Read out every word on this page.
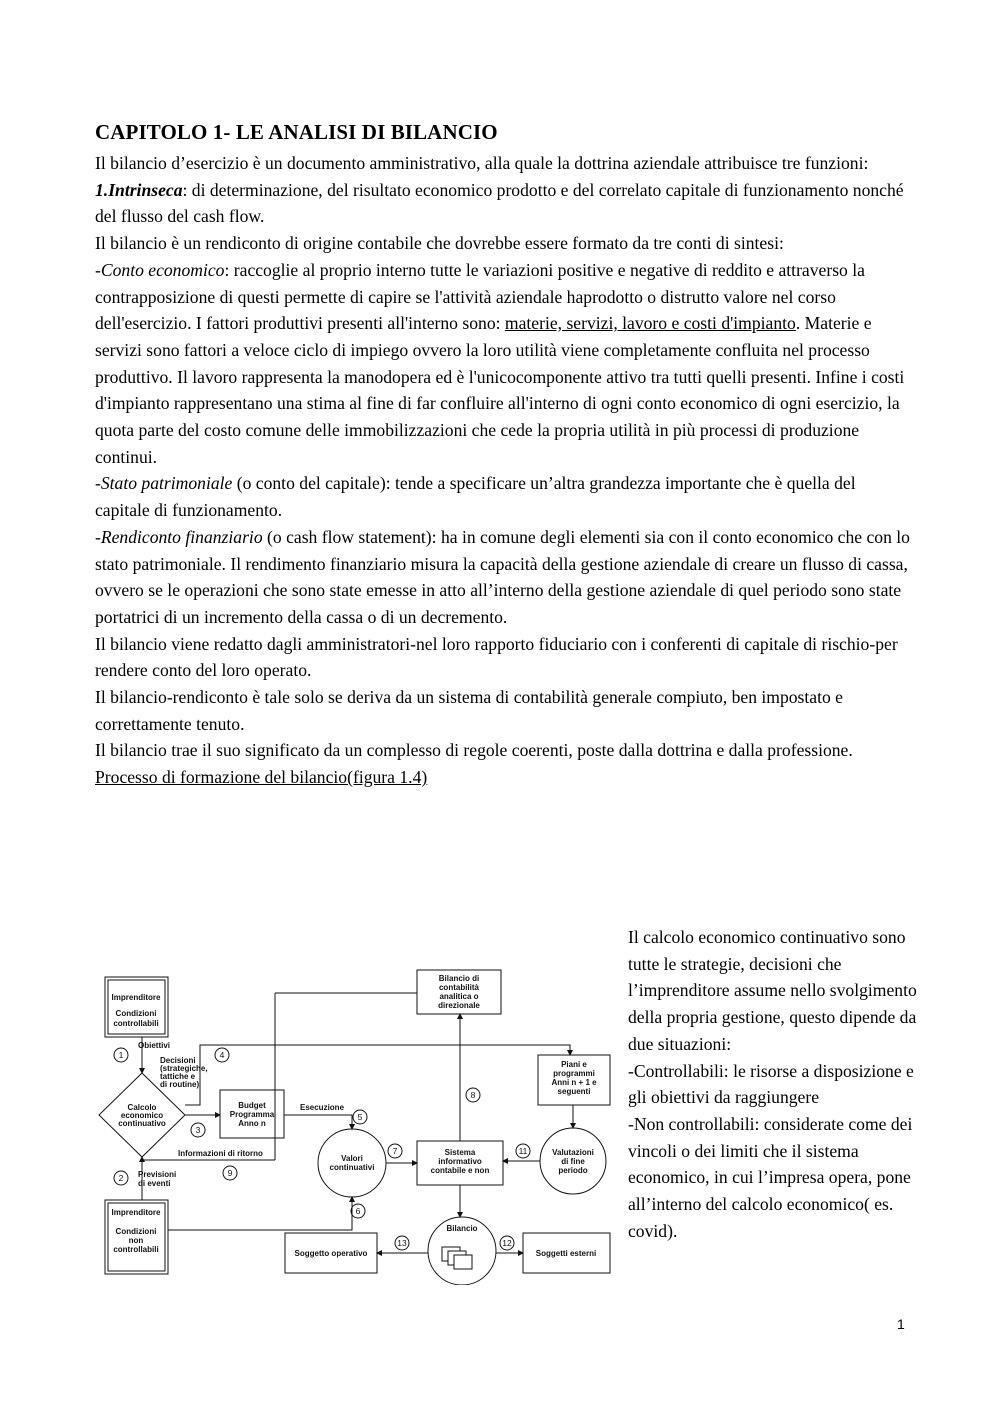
CAPITOLO 1- LE ANALISI DI BILANCIO

Il bilancio d’esercizio è un documento amministrativo, alla quale la dottrina aziendale attribuisce tre funzioni:

1.Intrinseca: di determinazione, del risultato economico prodotto e del correlato capitale di funzionamento nonché del flusso del cash flow.

Il bilancio è un rendiconto di origine contabile che dovrebbe essere formato da tre conti di sintesi:

-Conto economico: raccoglie al proprio interno tutte le variazioni positive e negative di reddito e attraverso la contrapposizione di questi permette di capire se l'attività aziendale haprodotto o distrutto valore nel corso dell'esercizio. I fattori produttivi presenti all'interno sono: materie, servizi, lavoro e costi d'impianto. Materie e servizi sono fattori a veloce ciclo di impiego ovvero la loro utilità viene completamente confluita nel processo produttivo. Il lavoro rappresenta la manodopera ed è l'unicocomponente attivo tra tutti quelli presenti. Infine i costi d'impianto rappresentano una stima al fine di far confluire all'interno di ogni conto economico di ogni esercizio, la quota parte del costo comune delle immobilizzazioni che cede la propria utilità in più processi di produzione continui.

-Stato patrimoniale (o conto del capitale): tende a specificare un’altra grandezza importante che è quella del capitale di funzionamento.

-Rendiconto finanziario (o cash flow statement): ha in comune degli elementi sia con il conto economico che con lo stato patrimoniale. Il rendimento finanziario misura la capacità della gestione aziendale di creare un flusso di cassa, ovvero se le operazioni che sono state emesse in atto all’interno della gestione aziendale di quel periodo sono state portatrici di un incremento della cassa o di un decremento.

Il bilancio viene redatto dagli amministratori-nel loro rapporto fiduciario con i conferenti di capitale di rischio-per rendere conto del loro operato.

Il bilancio-rendiconto è tale solo se deriva da un sistema di contabilità generale compiuto, ben impostato e correttamente tenuto.

Il bilancio trae il suo significato da un complesso di regole coerenti, poste dalla dottrina e dalla professione.

Processo di formazione del bilancio(figura 1.4)

Imprenditore
Condizioni
controllabili
Obiettivi
Decisioni
(strategiche,
tattiche e
di routine)
Calcolo
economico
continuativo
Budget
Programma
Anno n
Esecuzione
Informazioni di ritorno
Previsioni
di eventi
Imprenditore
Condizioni
non
controllabili
Valori
continuativi
Sistema
informativo
contabile e non
Bilancio di
contabilità
analitica o
direzionale
Piani e
programmi
Anni n + 1 e
seguenti
Valutazioni
di fine
periodo
Bilancio
Soggetto operativo	Soggetti esterni
1
2
3
4
5
6
7
8
9
11
12
13

Il calcolo economico continuativo sono tutte le strategie, decisioni che l’imprenditore assume nello svolgimento della propria gestione, questo dipende da due situazioni:

-Controllabili: le risorse a disposizione e gli obiettivi da raggiungere

-Non controllabili: considerate come dei vincoli o dei limiti che il sistema economico, in cui l’impresa opera, pone all’interno del calcolo economico( es. covid).

1
